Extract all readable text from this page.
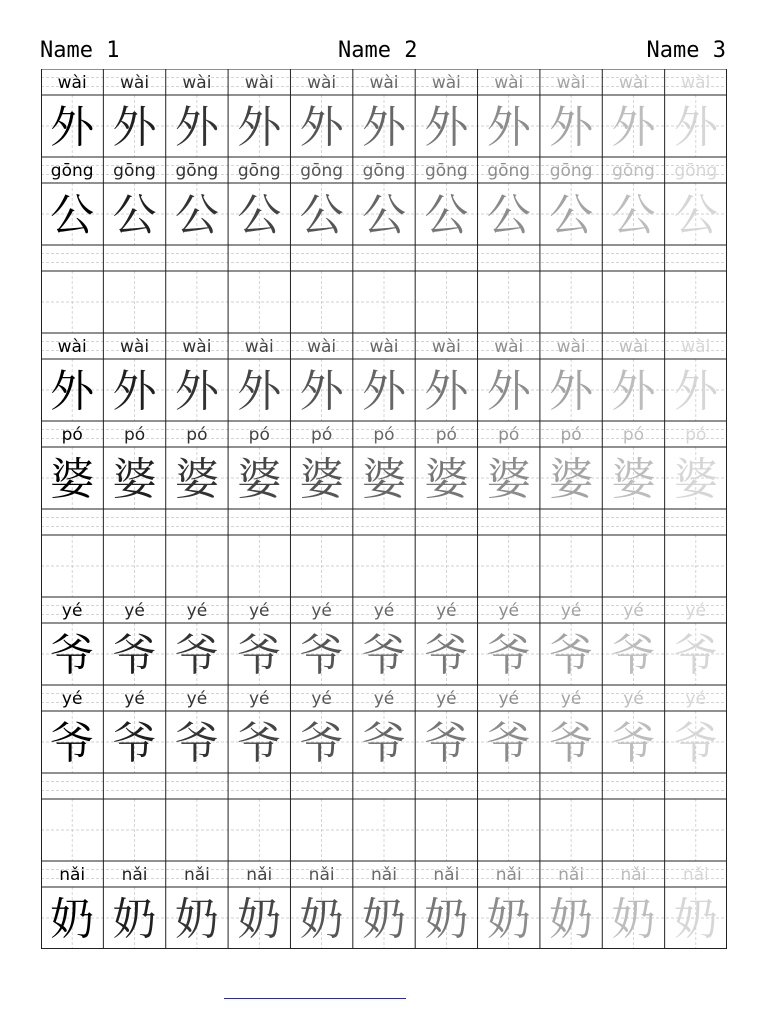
Name 1	Name 2	Name 3
wài wài wài wài wài wài wài wài wài wài wài
外 外 外 外 外 外 外 外 外 外 外
gōng gōng gōng gōng gōng gōng gōng gōng gōng gōng gōng
公 公 公 公 公 公 公 公 公 公 公
wài wài wài wài wài wài wài wài wài wài wài
外 外 外 外 外 外 外 外 外 外 外
pó pó pó pó pó pó pó pó pó pó pó
婆 婆 婆 婆 婆 婆 婆 婆 婆 婆 婆
yé yé yé yé yé yé yé yé yé yé yé
爷 爷 爷 爷 爷 爷 爷 爷 爷 爷 爷
yé yé yé yé yé yé yé yé yé yé yé
爷 爷 爷 爷 爷 爷 爷 爷 爷 爷 爷
nǎi nǎi nǎi nǎi nǎi nǎi nǎi nǎi nǎi nǎi nǎi
奶 奶 奶 奶 奶 奶 奶 奶 奶 奶 奶
